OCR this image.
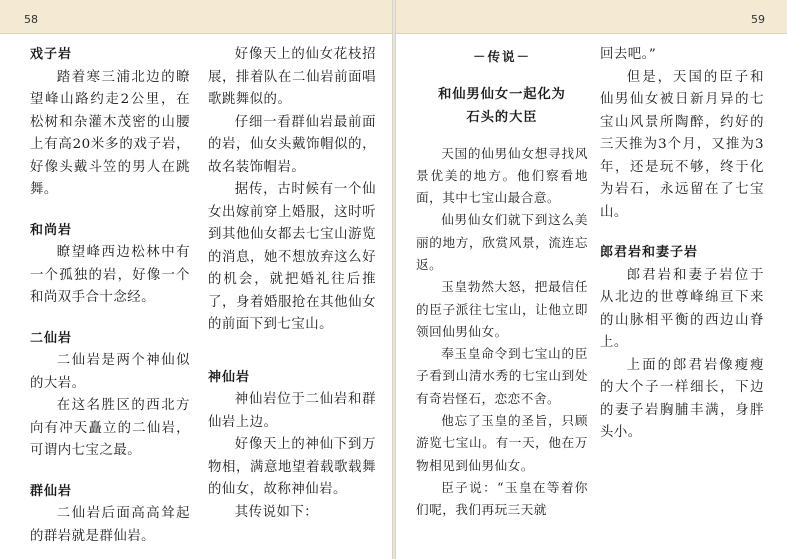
58
戏子岩

踏着寒三浦北边的瞭望峰山路约走2公里，在松树和杂灌木茂密的山腰上有高20米多的戏子岩，好像头戴斗笠的男人在跳舞。

和尚岩

瞭望峰西边松林中有一个孤独的岩，好像一个和尚双手合十念经。

二仙岩

二仙岩是两个神仙似的大岩。

在这名胜区的西北方向有冲天矗立的二仙岩，可谓内七宝之最。

群仙岩

二仙岩后面高高耸起的群岩就是群仙岩。

好像天上的仙女花枝招展，排着队在二仙岩前面唱歌跳舞似的。

仔细一看群仙岩最前面的岩，仙女头戴饰帽似的，故名装饰帽岩。

据传，古时候有一个仙女出嫁前穿上婚服，这时听到其他仙女都去七宝山游览的消息，她不想放弃这么好的机会，就把婚礼往后推了，身着婚服抢在其他仙女的前面下到七宝山。

神仙岩

神仙岩位于二仙岩和群仙岩上边。

好像天上的神仙下到万物相，满意地望着载歌载舞的仙女，故称神仙岩。

其传说如下：

59
－传说－
和仙男仙女一起化为
石头的大臣

天国的仙男仙女想寻找风景优美的地方。他们察看地面，其中七宝山最合意。

仙男仙女们就下到这么美丽的地方，欣赏风景，流连忘返。

玉皇勃然大怒，把最信任的臣子派往七宝山，让他立即领回仙男仙女。

奉玉皇命令到七宝山的臣子看到山清水秀的七宝山到处有奇岩怪石，恋恋不舍。

他忘了玉皇的圣旨，只顾游览七宝山。有一天，他在万物相见到仙男仙女。

臣子说：“玉皇在等着你们呢，我们再玩三天就

回去吧。”

但是，天国的臣子和仙男仙女被日新月异的七宝山风景所陶醉，约好的三天推为3个月，又推为3年，还是玩不够，终于化为岩石，永远留在了七宝山。

郎君岩和妻子岩

郎君岩和妻子岩位于从北边的世尊峰绵亘下来的山脉相平衡的西边山脊上。

上面的郎君岩像瘦瘦的大个子一样细长，下边的妻子岩胸脯丰满，身胖头小。
